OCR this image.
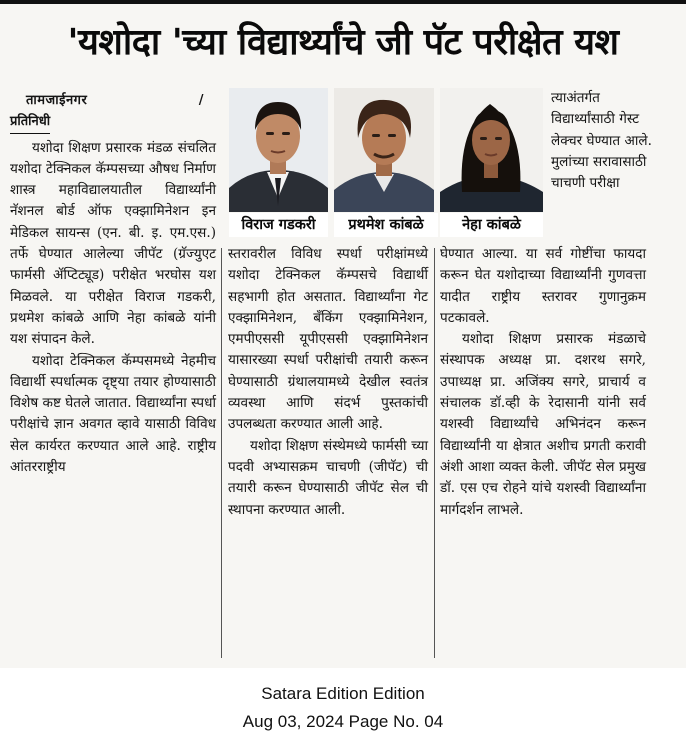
'यशोदा 'च्या विद्यार्थ्यांचे जी पॅट परीक्षेत यश
तामजाईनगर	/
प्रतिनिधी

यशोदा शिक्षण प्रसारक मंडळ संचलित यशोदा टेक्निकल कॅम्पसच्या औषध निर्माण शास्त्र महाविद्यालयातील विद्यार्थ्यांनी नॅशनल बोर्ड ऑफ एक्झामिनेशन इन मेडिकल सायन्स (एन. बी. इ. एम.एस.) तर्फे घेण्यात आलेल्या जीपॅट (ग्रॅज्युएट फार्मसी ॲप्टिट्यूड) परीक्षेत भरघोस यश मिळवले. या परीक्षेत विराज गडकरी, प्रथमेश कांबळे आणि नेहा कांबळे यांनी यश संपादन केले.

यशोदा टेक्निकल कॅम्पसमध्ये नेहमीच विद्यार्थी स्पर्धात्मक दृष्ट्या तयार होण्यासाठी विशेष कष्ट घेतले जातात. विद्यार्थ्यांना स्पर्धा परीक्षांचे ज्ञान अवगत व्हावे यासाठी विविध सेल कार्यरत करण्यात आले आहे. राष्ट्रीय आंतरराष्ट्रीय

विराज गडकरी	प्रथमेश कांबळे	नेहा कांबळे
त्याअंतर्गत विद्यार्थ्यांसाठी गेस्ट लेक्चर घेण्यात आले. मुलांच्या सरावासाठी चाचणी परीक्षा

स्तरावरील विविध स्पर्धा परीक्षांमध्ये यशोदा टेक्निकल कॅम्पसचे विद्यार्थी सहभागी होत असतात. विद्यार्थ्यांना गेट एक्झामिनेशन, बँकिंग एक्झामिनेशन, एमपीएससी यूपीएससी एक्झामिनेशन यासारख्या स्पर्धा परीक्षांची तयारी करून घेण्यासाठी ग्रंथालयामध्ये देखील स्वतंत्र व्यवस्था आणि संदर्भ पुस्तकांची उपलब्धता करण्यात आली आहे.

यशोदा शिक्षण संस्थेमध्ये फार्मसी च्या पदवी अभ्यासक्रम चाचणी (जीपॅट) ची तयारी करून घेण्यासाठी जीपॅट सेल ची स्थापना करण्यात आली.

घेण्यात आल्या. या सर्व गोष्टींचा फायदा करून घेत यशोदाच्या विद्यार्थ्यांनी गुणवत्ता यादीत राष्ट्रीय स्तरावर गुणानुक्रम पटकावले.

यशोदा शिक्षण प्रसारक मंडळाचे संस्थापक अध्यक्ष प्रा. दशरथ सगरे, उपाध्यक्ष प्रा. अजिंक्य सगरे, प्राचार्य व संचालक डॉ.व्ही के रेदासानी यांनी सर्व यशस्वी विद्यार्थ्यांचे अभिनंदन करून विद्यार्थ्यांनी या क्षेत्रात अशीच प्रगती करावी अंशी आशा व्यक्त केली. जीपॅट सेल प्रमुख डॉ. एस एच रोहने यांचे यशस्वी विद्यार्थ्यांना मार्गदर्शन लाभले.

Satara Edition Edition
Aug 03, 2024 Page No. 04
